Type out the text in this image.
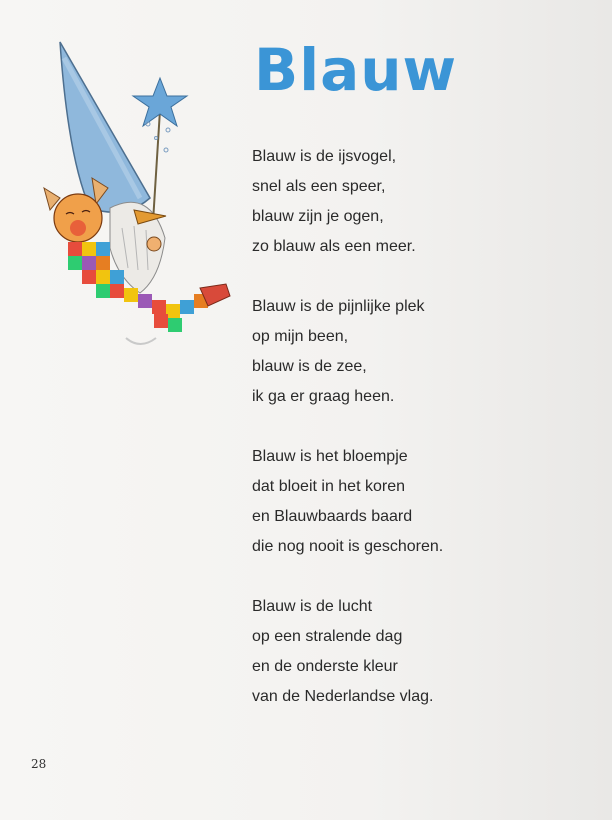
Blauw
Blauw is de ijsvogel,
snel als een speer,
blauw zijn je ogen,
zo blauw als een meer.
Blauw is de pijnlijke plek
op mijn been,
blauw is de zee,
ik ga er graag heen.
Blauw is het bloempje
dat bloeit in het koren
en Blauwbaards baard
die nog nooit is geschoren.
Blauw is de lucht
op een stralende dag
en de onderste kleur
van de Nederlandse vlag.
28
